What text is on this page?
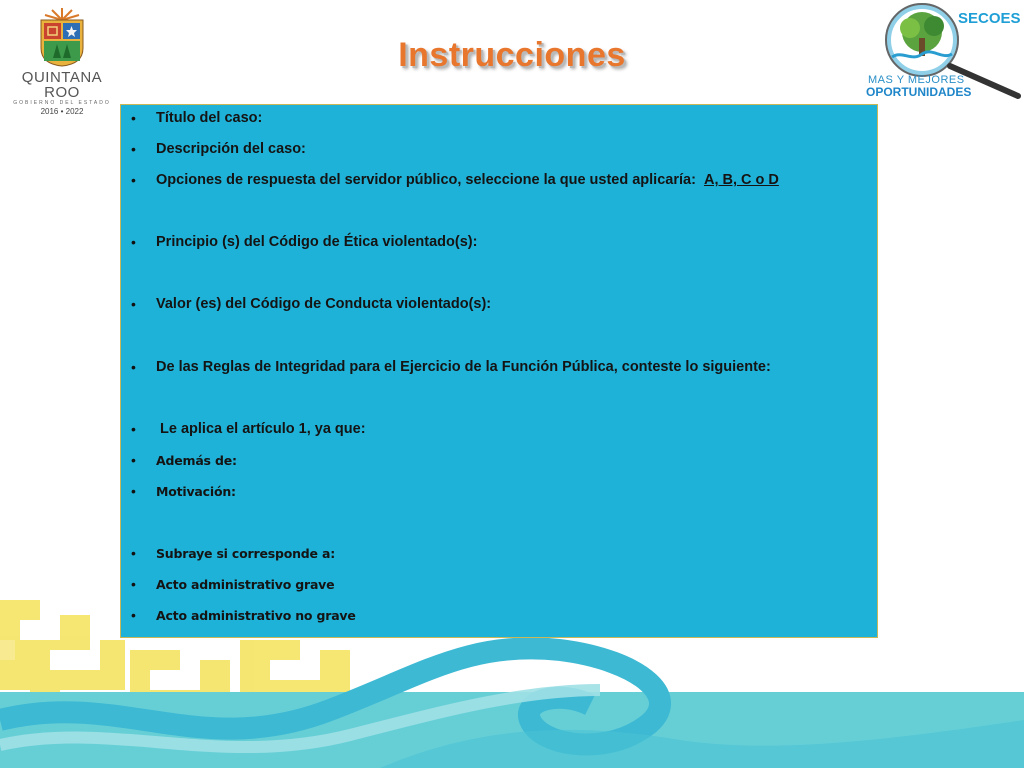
QUINTANA ROO
GOBIERNO DEL ESTADO
2016 • 2022
Instrucciones
SECOES
MAS Y MEJORES
OPORTUNIDADES
• Título del caso:
• Descripción del caso:
• Opciones de respuesta del servidor público, seleccione la que usted aplicaría: A, B, C o D
• Principio (s) del Código de Ética violentado(s):
• Valor (es) del Código de Conducta violentado(s):
• De las Reglas de Integridad para el Ejercicio de la Función Pública, conteste lo siguiente:
• Le aplica el artículo 1, ya que:
• Además de:
• Motivación:
• Subraye si corresponde a:
• Acto administrativo grave
• Acto administrativo no grave
